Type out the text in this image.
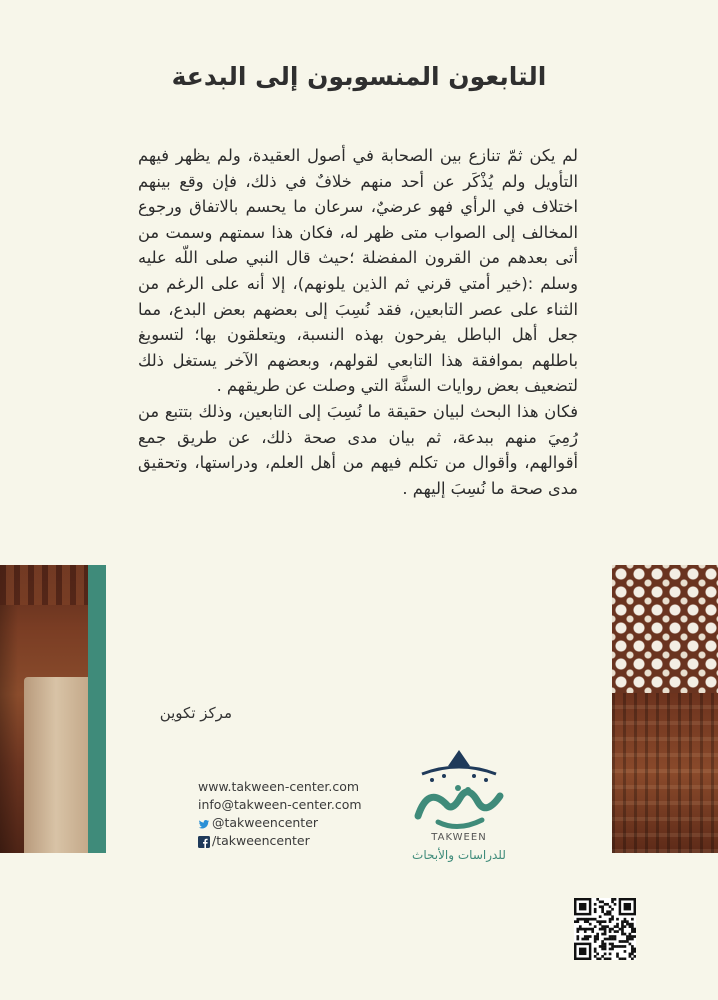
التابعون المنسوبون إلى البدعة

لم يكن ثمّ تنازع بين الصحابة في أصول العقيدة، ولم يظهر فيهم التأويل ولم يُذْكَر عن أحد منهم خلافٌ في ذلك، فإن وقع بينهم اختلاف في الرأي فهو عرضيٌ، سرعان ما يحسم بالاتفاق ورجوع المخالف إلى الصواب متى ظهر له، فكان هذا سمتهم وسمت من أتى بعدهم من القرون المفضلة ؛حيث قال النبي صلى اللّه عليه وسلم :(خير أمتي قرني ثم الذين يلونهم)، إلا أنه على الرغم من الثناء على عصر التابعين، فقد نُسِبَ إلى بعضهم بعض البدع، مما جعل أهل الباطل يفرحون بهذه النسبة، ويتعلقون بها؛ لتسويغ باطلهم بموافقة هذا التابعي لقولهم، وبعضهم الآخر يستغل ذلك لتضعيف بعض روايات السنَّة التي وصلت عن طريقهم .

فكان هذا البحث لبيان حقيقة ما نُسِبَ إلى التابعين، وذلك بتتبع من رُمِيَ منهم ببدعة، ثم بيان مدى صحة ذلك، عن طريق جمع أقوالهم، وأقوال من تكلم فيهم من أهل العلم، ودراستها، وتحقيق مدى صحة ما نُسِبَ إليهم .

مركز تكوين
www.takween-center.com
info@takween-center.com
@takweencenter
/takweencenter	TAKWEEN
للدراسات والأبحاث
